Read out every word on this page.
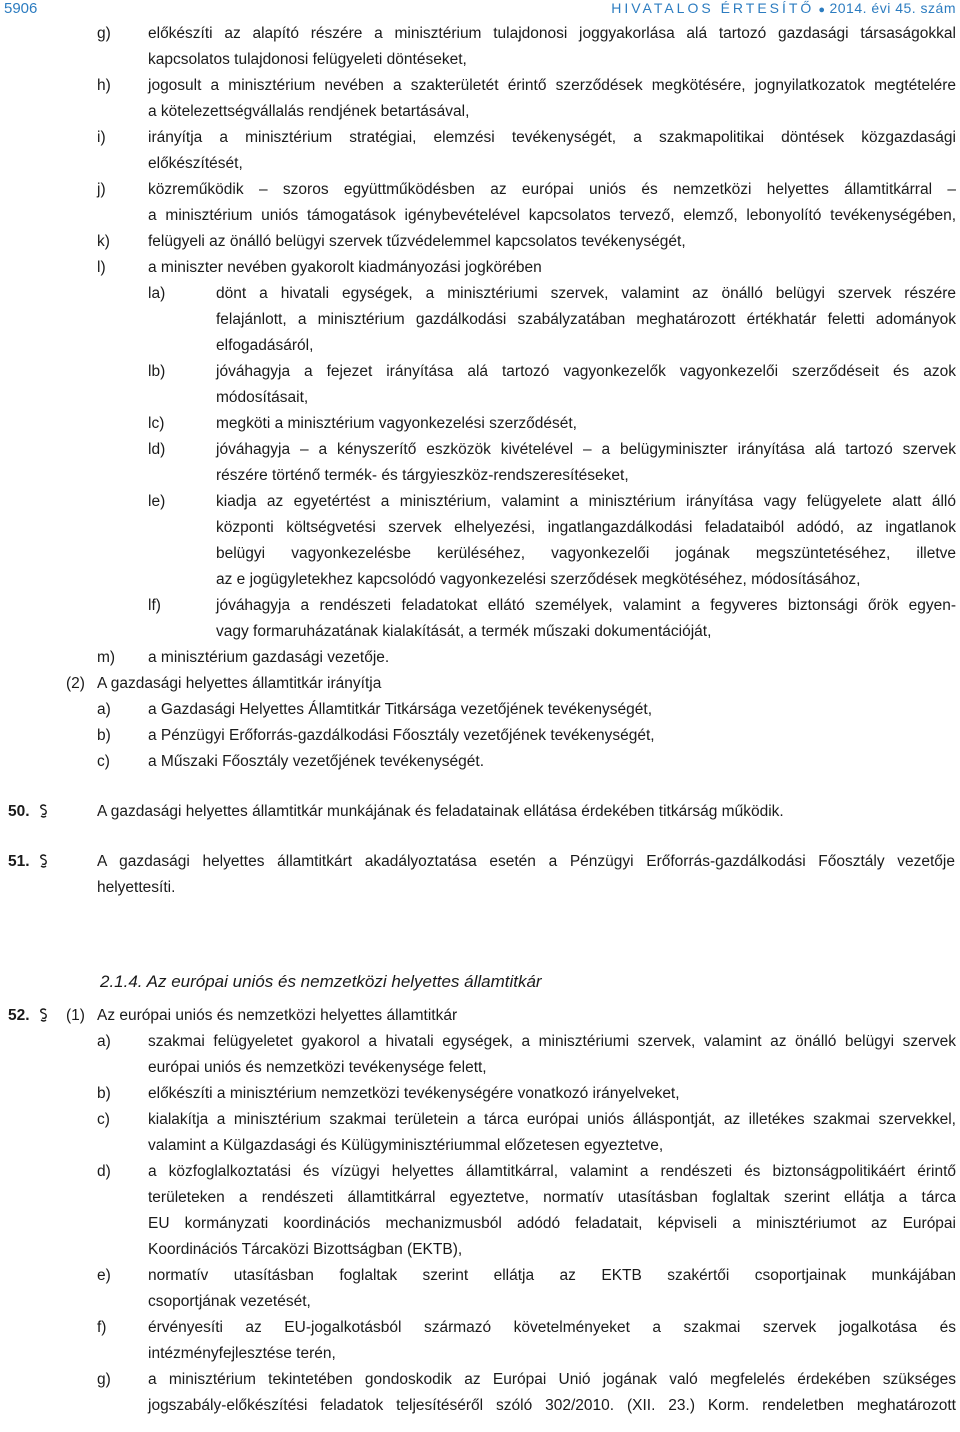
5906	HIVATALOS ÉRTESÍTŐ ● 2014. évi 45. szám
g) előkészíti az alapító részére a minisztérium tulajdonosi joggyakorlása alá tartozó gazdasági társaságokkal
kapcsolatos tulajdonosi felügyeleti döntéseket,
h) jogosult a minisztérium nevében a szakterületét érintő szerződések megkötésére, jognyilatkozatok megtételére
a kötelezettségvállalás rendjének betartásával,
i)	irányítja a minisztérium stratégiai, elemzési tevékenységét, a szakmapolitikai döntések közgazdasági
előkészítését,
j)	közreműködik – szoros együttműködésben az európai uniós és nemzetközi helyettes államtitkárral –
a minisztérium uniós támogatások igénybevételével kapcsolatos tervező, elemző, lebonyolító tevékenységében,
k) felügyeli az önálló belügyi szervek tűzvédelemmel kapcsolatos tevékenységét,
l)	a miniszter nevében gyakorolt kiadmányozási jogkörében
la)	dönt a hivatali egységek, a minisztériumi szervek, valamint az önálló belügyi szervek részére
felajánlott, a minisztérium gazdálkodási szabályzatában meghatározott értékhatár feletti adományok
elfogadásáról,
lb)	jóváhagyja a fejezet irányítása alá tartozó vagyonkezelők vagyonkezelői szerződéseit és azok
módosításait,
lc)	megköti a minisztérium vagyonkezelési szerződését,
ld)	jóváhagyja – a kényszerítő eszközök kivételével – a belügyminiszter irányítása alá tartozó szervek
részére történő termék- és tárgyieszköz-rendszeresítéseket,
le)	kiadja az egyetértést a minisztérium, valamint a minisztérium irányítása vagy felügyelete alatt álló
központi költségvetési szervek elhelyezési, ingatlangazdálkodási feladataiból adódó, az ingatlanok
belügyi vagyonkezelésbe kerüléséhez, vagyonkezelői jogának megszüntetéséhez, illetve
az e jogügyletekhez kapcsolódó vagyonkezelési szerződések megkötéséhez, módosításához,
lf)	jóváhagyja a rendészeti feladatokat ellátó személyek, valamint a fegyveres biztonsági őrök egyen-
vagy formaruházatának kialakítását, a termék műszaki dokumentációját,
m) a minisztérium gazdasági vezetője.
(2) A gazdasági helyettes államtitkár irányítja
a) a Gazdasági Helyettes Államtitkár Titkársága vezetőjének tevékenységét,
b) a Pénzügyi Erőforrás-gazdálkodási Főosztály vezetőjének tevékenységét,
c) a Műszaki Főosztály vezetőjének tevékenységét.
50.	A gazdasági helyettes államtitkár munkájának és feladatainak ellátása érdekében titkárság működik.
51.	A gazdasági helyettes államtitkárt akadályoztatása esetén a Pénzügyi Erőforrás-gazdálkodási Főosztály vezetője
helyettesíti.
2.1.4. Az európai uniós és nemzetközi helyettes államtitkár
52.	Az európai uniós és nemzetközi helyettes államtitkár
(1)
a) szakmai felügyeletet gyakorol a hivatali egységek, a minisztériumi szervek, valamint az önálló belügyi szervek
európai uniós és nemzetközi tevékenysége felett,
b) előkészíti a minisztérium nemzetközi tevékenységére vonatkozó irányelveket,
c) kialakítja a minisztérium szakmai területein a tárca európai uniós álláspontját, az illetékes szakmai szervekkel,
valamint a Külgazdasági és Külügyminisztériummal előzetesen egyeztetve,
d) a közfoglalkoztatási és vízügyi helyettes államtitkárral, valamint a rendészeti és biztonságpolitikáért érintő
területeken a rendészeti államtitkárral egyeztetve, normatív utasításban foglaltak szerint ellátja a tárca
EU kormányzati koordinációs mechanizmusból adódó feladatait, képviseli a minisztériumot az Európai
Koordinációs Tárcaközi Bizottságban (EKTB),
e) normatív utasításban foglaltak szerint ellátja az EKTB szakértői csoportjainak munkájában
csoportjának vezetését,
f)	érvényesíti az EU-jogalkotásból származó követelményeket a szakmai szervek jogalkotása és
intézményfejlesztése terén,
g) a minisztérium tekintetében gondoskodik az Európai Unió jogának való megfelelés érdekében szükséges
jogszabály-előkészítési feladatok teljesítéséről szóló 302/2010. (XII. 23.) Korm. rendeletben meghatározott
